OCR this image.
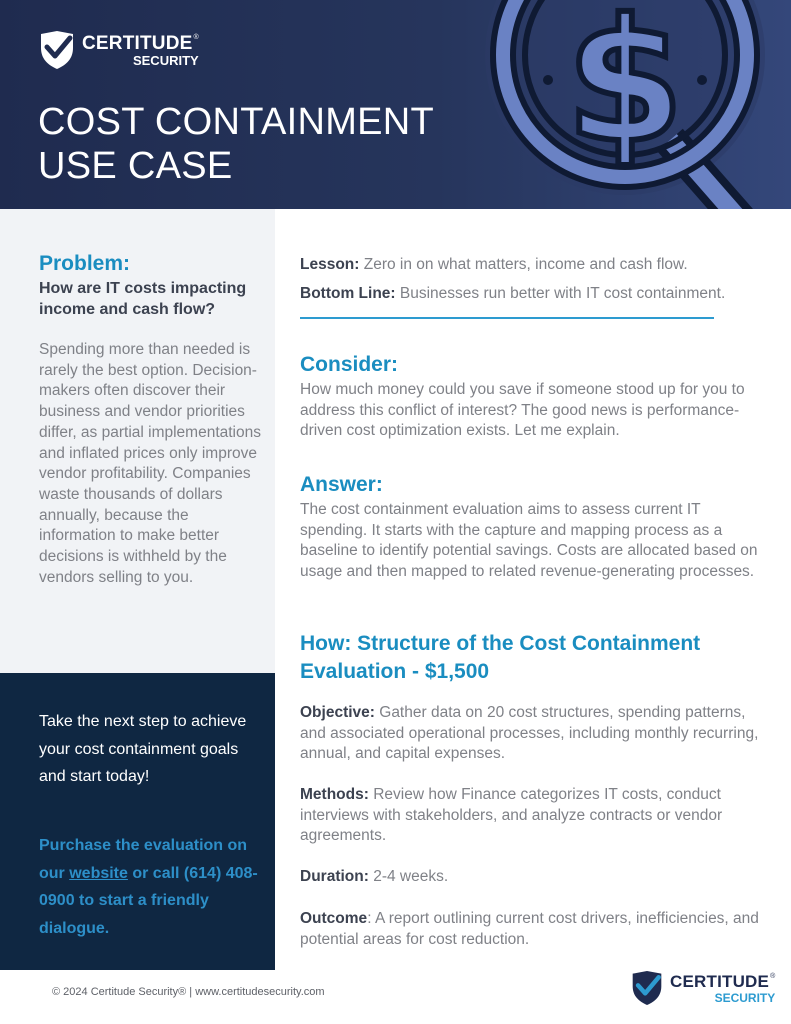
$
CERTITUDE®
SECURITY
COST CONTAINMENT
USE CASE
Problem:
How are IT costs impacting income and cash flow?
Spending more than needed is rarely the best option. Decision-makers often discover their business and vendor priorities differ, as partial implementations and inflated prices only improve vendor profitability. Companies waste thousands of dollars annually, because the information to make better decisions is withheld by the vendors selling to you.
Take the next step to achieve your cost containment goals and start today!
Purchase the evaluation on our website or call (614) 408-0900 to start a friendly dialogue.
Lesson: Zero in on what matters, income and cash flow.
Bottom Line: Businesses run better with IT cost containment.
Consider:
How much money could you save if someone stood up for you to address this conflict of interest? The good news is performance-driven cost optimization exists. Let me explain.
Answer:
The cost containment evaluation aims to assess current IT spending. It starts with the capture and mapping process as a baseline to identify potential savings. Costs are allocated based on usage and then mapped to related revenue-generating processes.
How: Structure of the Cost Containment Evaluation - $1,500
Objective: Gather data on 20 cost structures, spending patterns, and associated operational processes, including monthly recurring, annual, and capital expenses.
Methods: Review how Finance categorizes IT costs, conduct interviews with stakeholders, and analyze contracts or vendor agreements.
Duration: 2-4 weeks.
Outcome: A report outlining current cost drivers, inefficiencies, and potential areas for cost reduction.
© 2024 Certitude Security® | www.certitudesecurity.com
CERTITUDE®
SECURITY
